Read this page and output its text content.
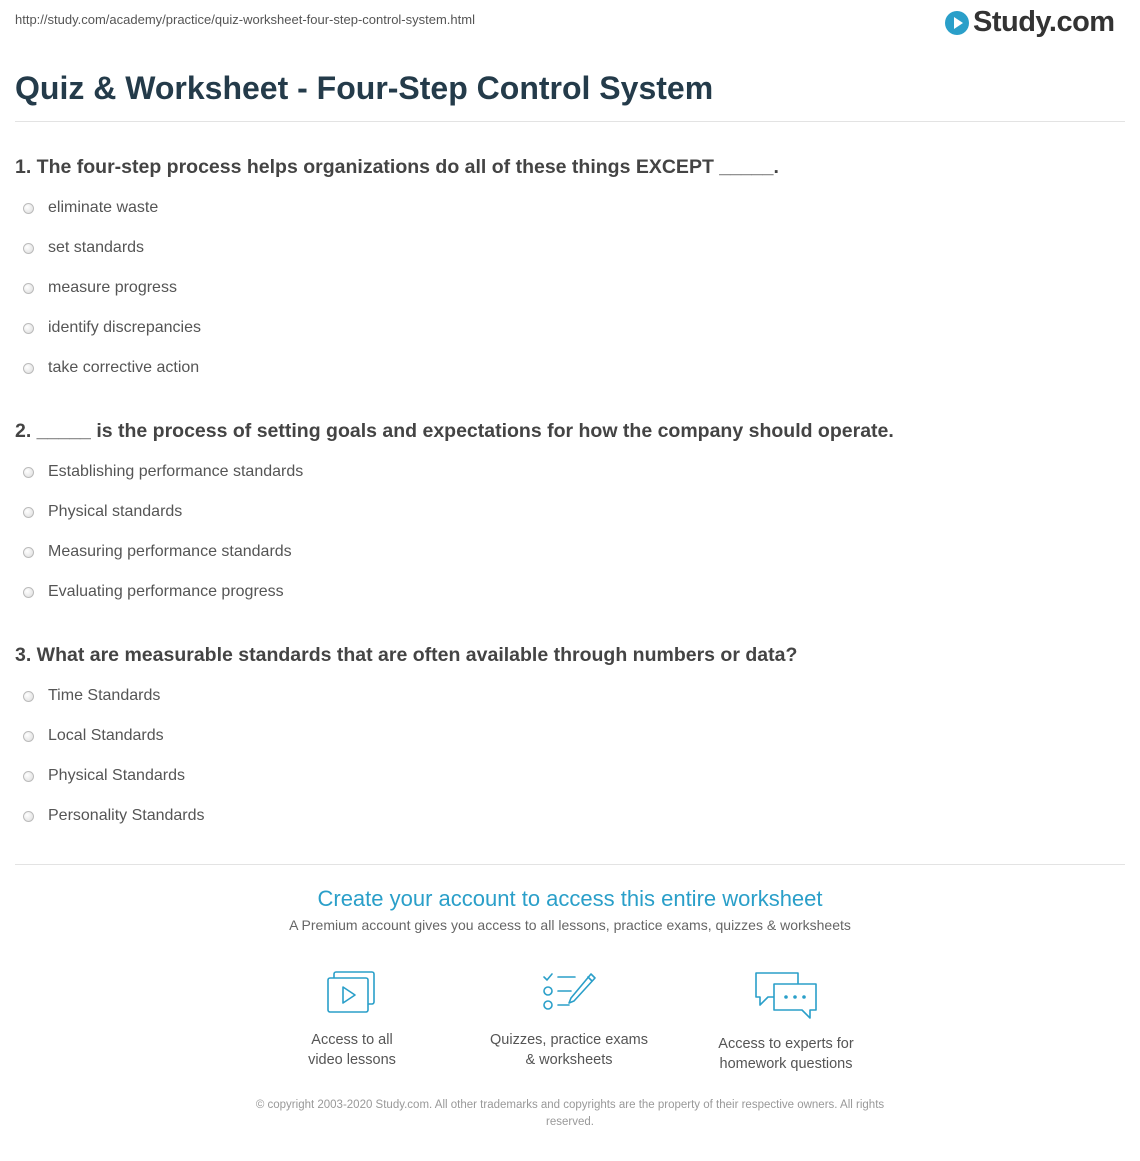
http://study.com/academy/practice/quiz-worksheet-four-step-control-system.html	Study.com
Quiz & Worksheet - Four-Step Control System
1. The four-step process helps organizations do all of these things EXCEPT _____.
eliminate waste
set standards
measure progress
identify discrepancies
take corrective action
2. _____ is the process of setting goals and expectations for how the company should operate.
Establishing performance standards
Physical standards
Measuring performance standards
Evaluating performance progress
3. What are measurable standards that are often available through numbers or data?
Time Standards
Local Standards
Physical Standards
Personality Standards
Create your account to access this entire worksheet
A Premium account gives you access to all lessons, practice exams, quizzes & worksheets
Access to all
video lessons
Quizzes, practice exams
& worksheets
Access to experts for
homework questions
© copyright 2003-2020 Study.com. All other trademarks and copyrights are the property of their respective owners. All rights
reserved.
